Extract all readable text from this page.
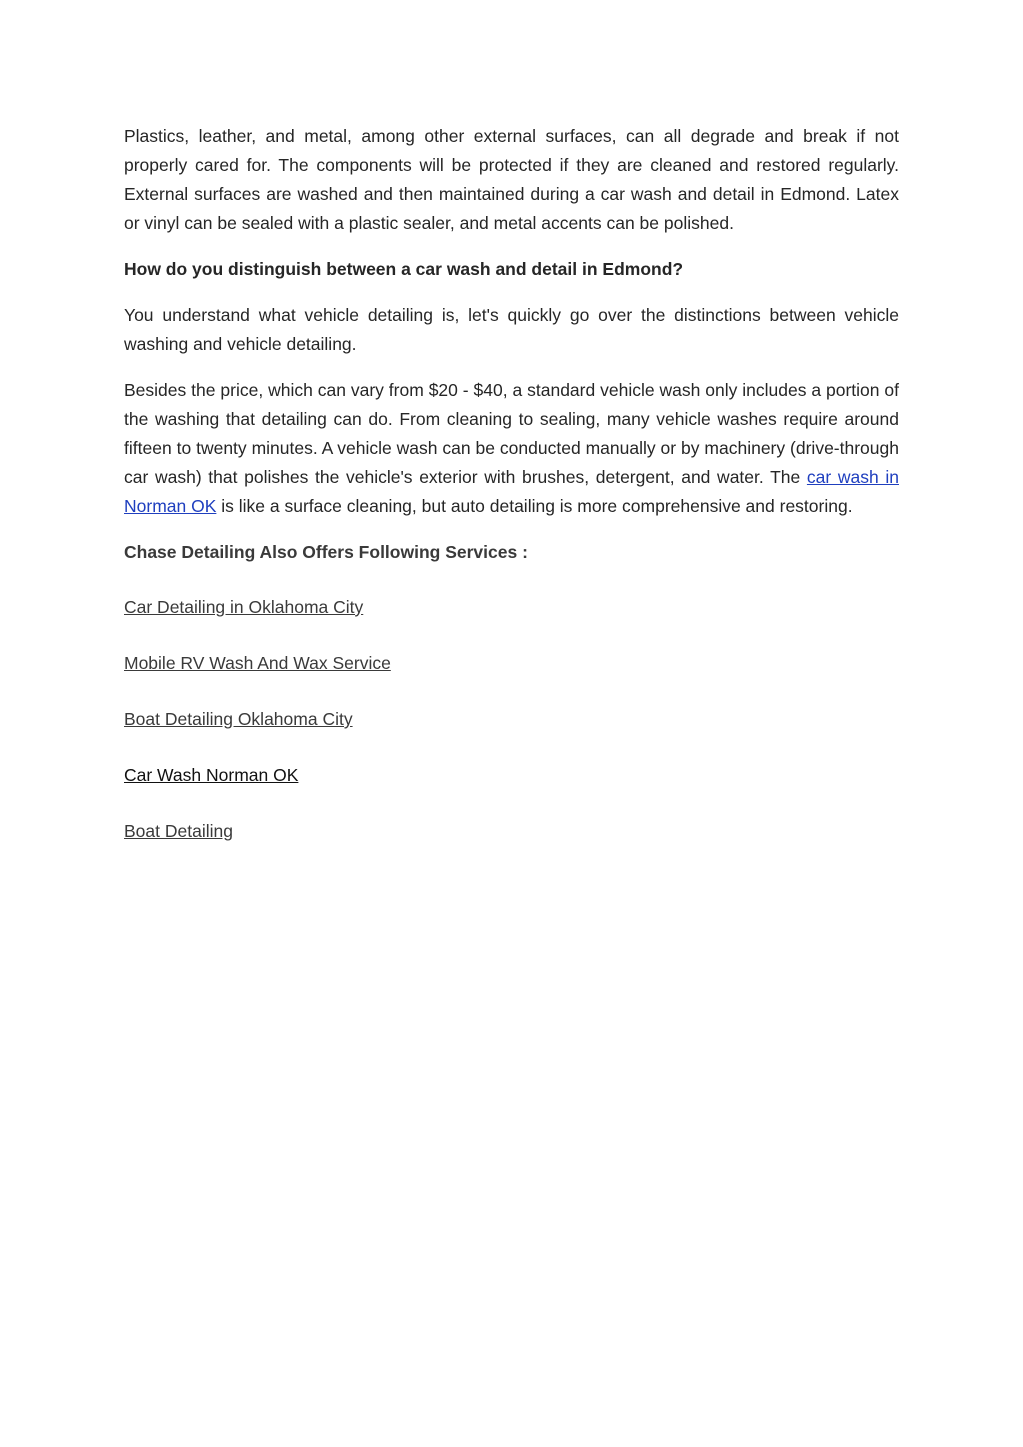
Plastics, leather, and metal, among other external surfaces, can all degrade and break if not properly cared for. The components will be protected if they are cleaned and restored regularly. External surfaces are washed and then maintained during a car wash and detail in Edmond. Latex or vinyl can be sealed with a plastic sealer, and metal accents can be polished.

How do you distinguish between a car wash and detail in Edmond?

You understand what vehicle detailing is, let's quickly go over the distinctions between vehicle washing and vehicle detailing.

Besides the price, which can vary from $20 - $40, a standard vehicle wash only includes a portion of the washing that detailing can do. From cleaning to sealing, many vehicle washes require around fifteen to twenty minutes. A vehicle wash can be conducted manually or by machinery (drive-through car wash) that polishes the vehicle's exterior with brushes, detergent, and water. The car wash in Norman OK is like a surface cleaning, but auto detailing is more comprehensive and restoring.

Chase Detailing Also Offers Following Services :

Car Detailing in Oklahoma City
Mobile RV Wash And Wax Service
Boat Detailing Oklahoma City
Car Wash Norman OK
Boat Detailing
